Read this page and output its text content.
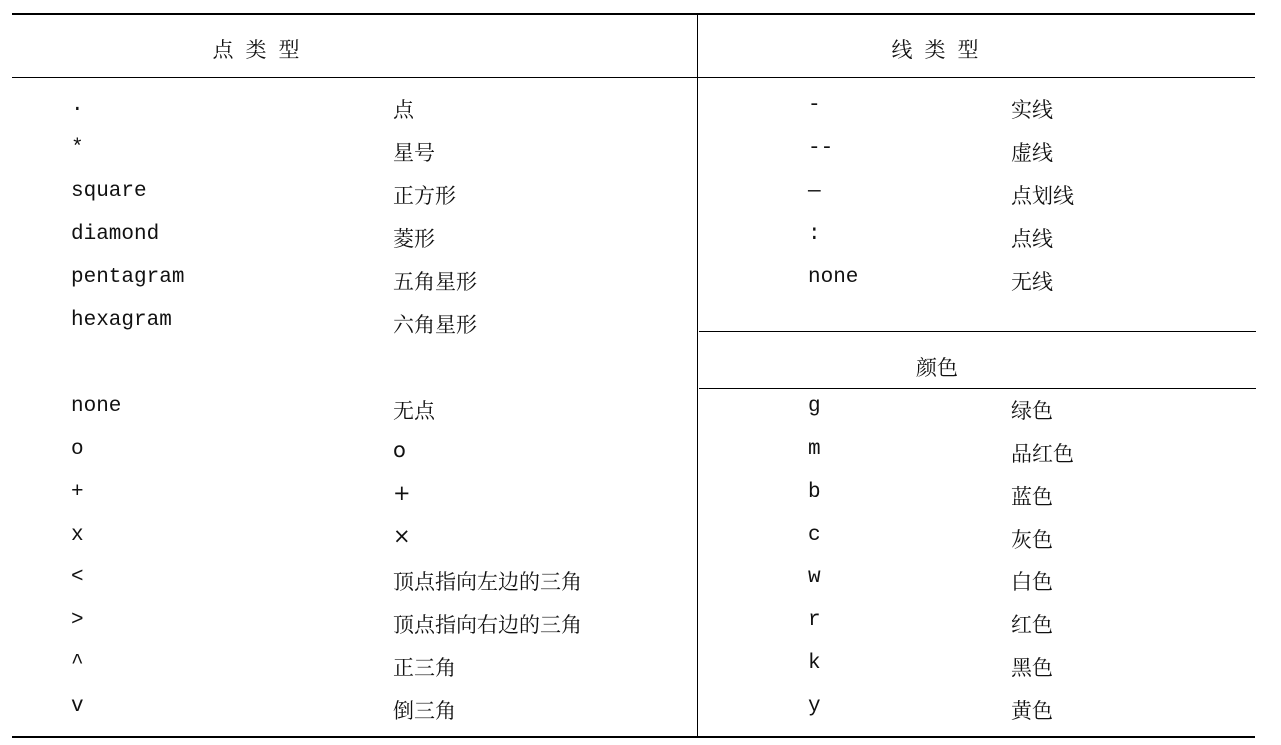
点类型	线类型
颜色
.	点
*	星号
square	正方形
diamond	菱形
pentagram	五角星形
hexagram	六角星形
none	无点
o	o
+	+
x	×
<	顶点指向左边的三角
>	顶点指向右边的三角
^	正三角
v	倒三角
-	实线
--	虚线
—	点划线
:	点线
none	无线
g	绿色
m	品红色
b	蓝色
c	灰色
w	白色
r	红色
k	黑色
y	黄色
